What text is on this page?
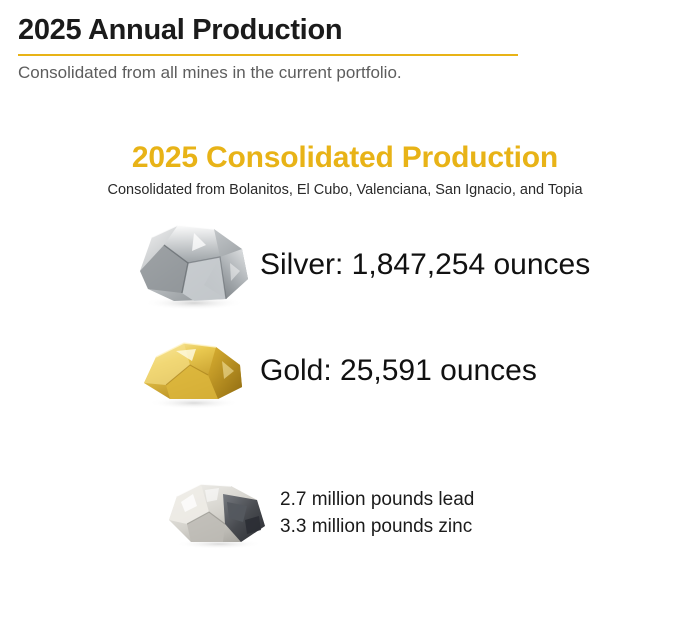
2025 Annual Production

Consolidated from all mines in the current portfolio.

2025 Consolidated Production
Consolidated from Bolanitos, El Cubo, Valenciana, San Ignacio, and Topia
Silver: 1,847,254 ounces
Gold: 25,591 ounces
2.7 million pounds lead
3.3 million pounds zinc
